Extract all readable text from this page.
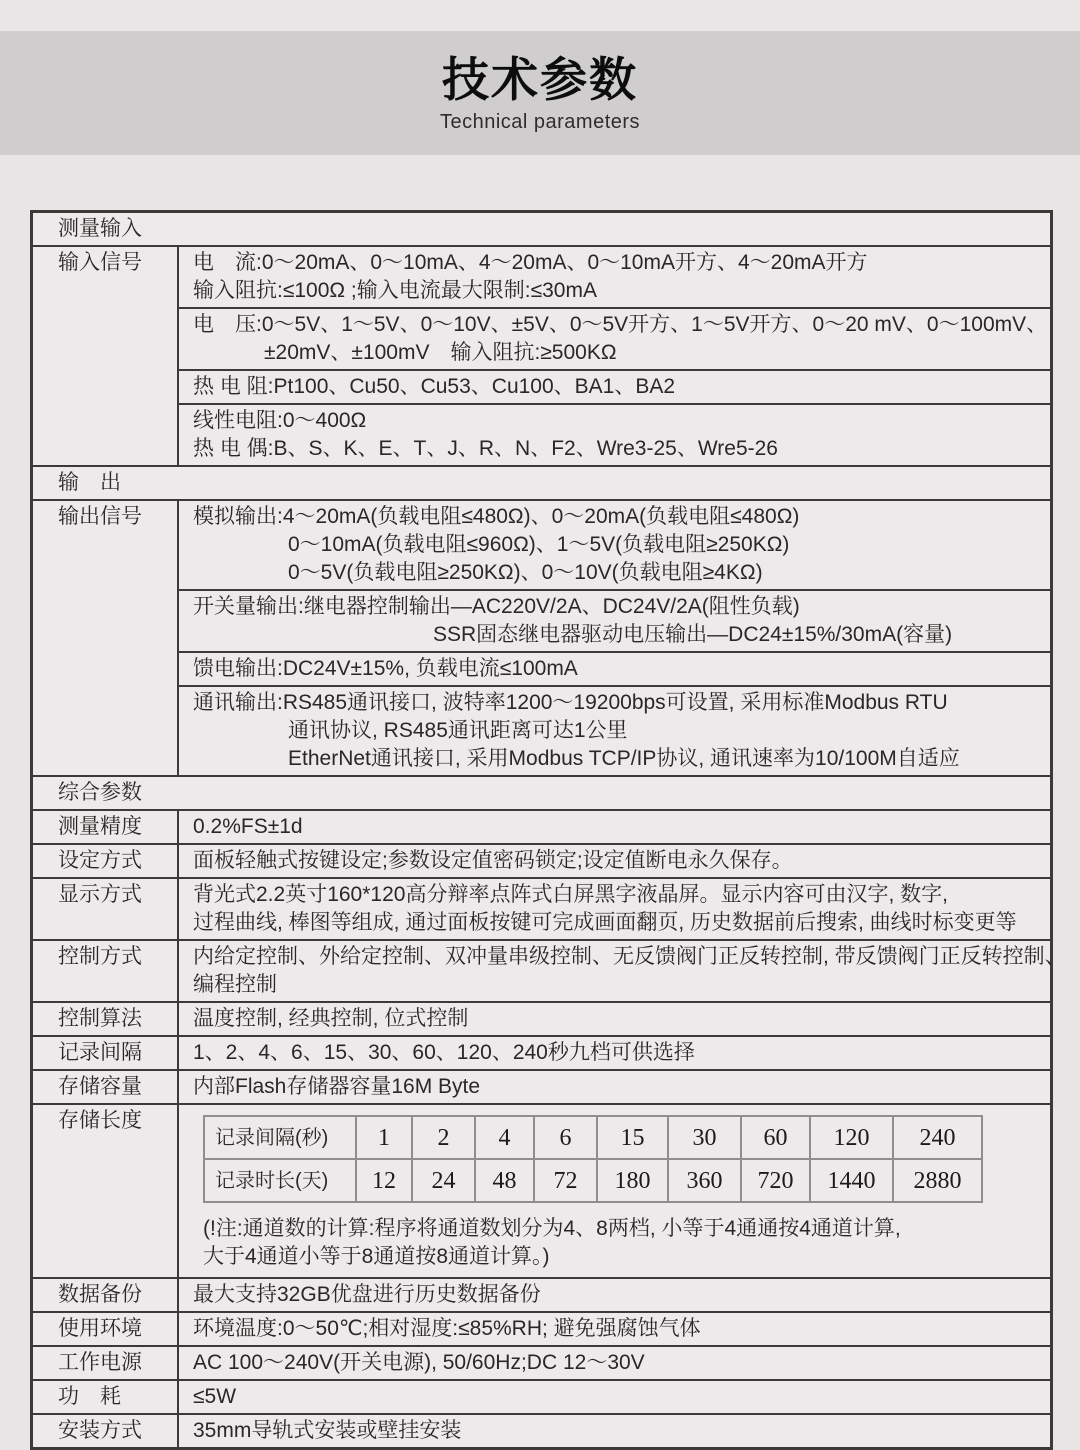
技术参数
Technical parameters
测量输入
输入信号	电　流:0～20mA、0～10mA、4～20mA、0～10mA开方、4～20mA开方
输入阻抗:≤100Ω ;输入电流最大限制:≤30mA
电　压:0～5V、1～5V、0～10V、±5V、0～5V开方、1～5V开方、0～20 mV、0～100mV、
±20mV、±100mV　输入阻抗:≥500KΩ
热 电 阻:Pt100、Cu50、Cu53、Cu100、BA1、BA2
线性电阻:0～400Ω
热 电 偶:B、S、K、E、T、J、R、N、F2、Wre3-25、Wre5-26
输　出
输出信号	模拟输出:4～20mA(负载电阻≤480Ω)、0～20mA(负载电阻≤480Ω)
0～10mA(负载电阻≤960Ω)、1～5V(负载电阻≥250KΩ)
0～5V(负载电阻≥250KΩ)、0～10V(负载电阻≥4KΩ)
开关量输出:继电器控制输出—AC220V/2A、DC24V/2A(阻性负载)
SSR固态继电器驱动电压输出—DC24±15%/30mA(容量)
馈电输出:DC24V±15%, 负载电流≤100mA
通讯输出:RS485通讯接口, 波特率1200～19200bps可设置, 采用标准Modbus RTU
通讯协议, RS485通讯距离可达1公里
EtherNet通讯接口, 采用Modbus TCP/IP协议, 通讯速率为10/100M自适应
综合参数
测量精度	0.2%FS±1d
设定方式	面板轻触式按键设定;参数设定值密码锁定;设定值断电永久保存。
显示方式	背光式2.2英寸160*120高分辩率点阵式白屏黑字液晶屏。显示内容可由汉字, 数字,
过程曲线, 棒图等组成, 通过面板按键可完成画面翻页, 历史数据前后搜索, 曲线时标变更等
控制方式	内给定控制、外给定控制、双冲量串级控制、无反馈阀门正反转控制, 带反馈阀门正反转控制、
编程控制
控制算法	温度控制, 经典控制, 位式控制
记录间隔	1、2、4、6、15、30、60、120、240秒九档可供选择
存储容量	内部Flash存储器容量16M Byte
存储长度
记录间隔(秒)	1	2	4	6	15	30	60	120	240
记录时长(天)	12	24	48	72	180	360	720	1440	2880
(!注:通道数的计算:程序将通道数划分为4、8两档, 小等于4通通按4通道计算,
大于4通道小等于8通道按8通道计算。)
数据备份	最大支持32GB优盘进行历史数据备份
使用环境	环境温度:0～50℃;相对湿度:≤85%RH; 避免强腐蚀气体
工作电源	AC 100～240V(开关电源), 50/60Hz;DC 12～30V
功　耗	≤5W
安装方式	35mm导轨式安装或壁挂安装
